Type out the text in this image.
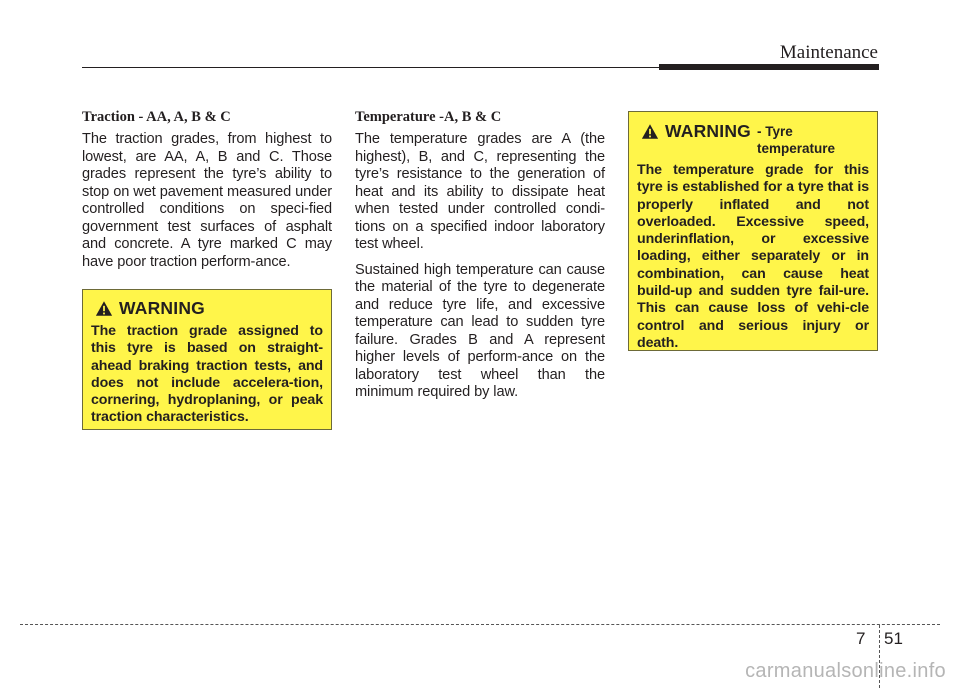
Maintenance

Traction - AA, A, B & C

The traction grades, from highest to lowest, are AA, A, B and C. Those grades represent the tyre’s ability to stop on wet pavement measured under controlled conditions on speci-fied government test surfaces of asphalt and concrete. A tyre marked C may have poor traction perform-ance.

WARNING

The traction grade assigned to this tyre is based on straight-ahead braking traction tests, and does not include accelera-tion, cornering, hydroplaning, or peak traction characteristics.

Temperature -A, B & C

The temperature grades are A (the highest), B, and C, representing the tyre’s resistance to the generation of heat and its ability to dissipate heat when tested under controlled condi-tions on a specified indoor laboratory test wheel.

Sustained high temperature can cause the material of the tyre to degenerate and reduce tyre life, and excessive temperature can lead to sudden tyre failure. Grades B and A represent higher levels of perform-ance on the laboratory test wheel than the minimum required by law.

WARNING - Tyre temperature

The temperature grade for this tyre is established for a tyre that is properly inflated and not overloaded. Excessive speed, underinflation, or excessive loading, either separately or in combination, can cause heat build-up and sudden tyre fail-ure. This can cause loss of vehi-cle control and serious injury or death.

7 51
carmanualsonline.info
